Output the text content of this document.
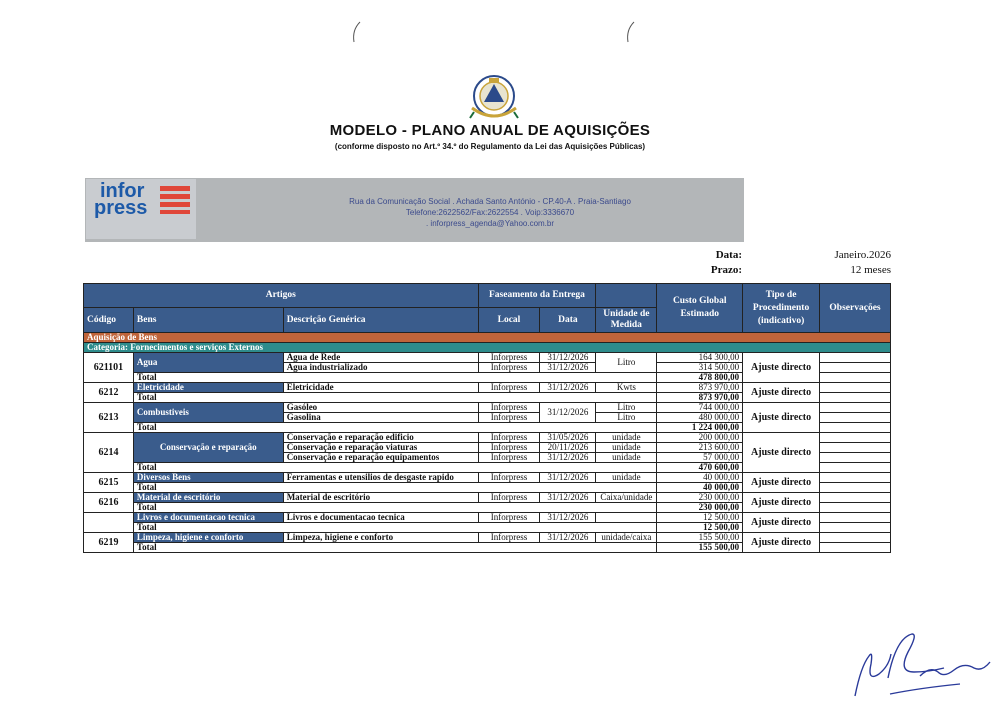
MODELO - PLANO ANUAL DE AQUISIÇÕES
(conforme disposto no Art.º 34.º do Regulamento da Lei das Aquisições Públicas)
infor
press	Rua da Comunicação Social . Achada Santo António - CP.40-A . Praia-Santiago
Telefone:2622562/Fax:2622554 . Voip:3336670
. inforpress_agenda@Yahoo.com.br
Data:	Janeiro.2026
Prazo:	12 meses
Artigos			Faseamento da Entrega			Custo Global Estimado	Tipo de Procedimento (indicativo)	Observações
Código	Bens	Descrição Genérica	Local	Data	Unidade de Medida			
Aquisição de Bens								
Categoria: Fornecimentos e serviços Externos								
621101	Agua	Agua de Rede	Inforpress	31/12/2026	Litro	164 300,00	Ajuste directo	
		Agua industrializado	Inforpress	31/12/2026		314 500,00		
	Total					478 800,00		
6212	Eletricidade	Eletricidade	Inforpress	31/12/2026	Kwts	873 970,00	Ajuste directo	
	Total					873 970,00		
6213	Combustiveis	Gasóleo	Inforpress	31/12/2026	Litro	744 000,00	Ajuste directo	
		Gasolina	Inforpress		Litro	480 000,00		
	Total					1 224 000,00		
6214	Conservação e reparação	Conservação e reparação edificio	Inforpress	31/05/2026	unidade	200 000,00	Ajuste directo	
		Conservação e reparação viaturas	Inforpress	20/11/2026	unidade	213 600,00		
		Conservação e reparação equipamentos	Inforpress	31/12/2026	unidade	57 000,00		
	Total					470 600,00		
6215	Diversos Bens	Ferramentas e utensilios de desgaste rapido	Inforpress	31/12/2026	unidade	40 000,00	Ajuste directo	
	Total					40 000,00		
6216	Material de escritório	Material de escritório	Inforpress	31/12/2026	Caixa/unidade	230 000,00	Ajuste directo	
	Total					230 000,00		
	Livros e documentacao tecnica	Livros e documentacao tecnica	Inforpress	31/12/2026		12 500,00	Ajuste directo	
	Total					12 500,00		
6219	Limpeza, higiene e conforto	Limpeza, higiene e conforto	Inforpress	31/12/2026	unidade/caixa	155 500,00	Ajuste directo	
	Total					155 500,00		
